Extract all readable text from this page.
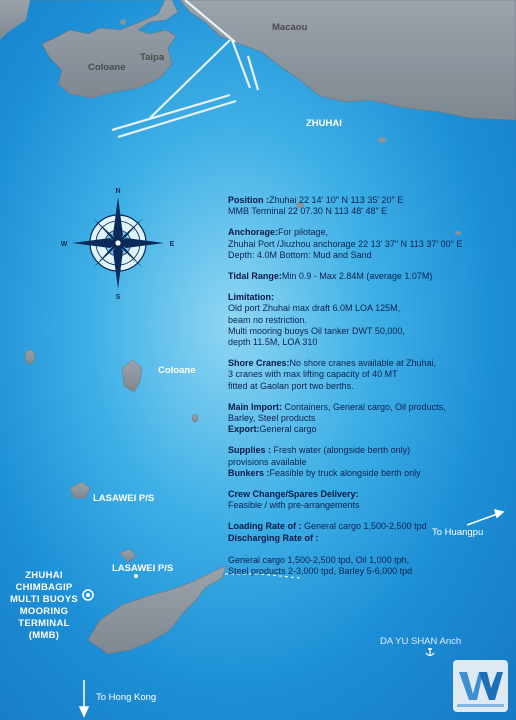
N
S
E
W
Macaou
Taipa
Coloane
ZHUHAI
Coloane
LASAWEI P/S
LASAWEI P/S
To Huangpu
DA YU SHAN Anch
To Hong Kong
ZHUHAI
CHIMBAGIP
MULTI BUOYS
MOORING
TERMINAL
(MMB)
Position :Zhuhai 22 14' 10" N 113 35' 20" E
MMB Terminal 22 07.30 N 113 48' 48" E
Anchorage:For pilotage,
Zhuhai Port /Jiuzhou anchorage 22 13' 37" N 113 37' 00" E
Depth: 4.0M Bottom: Mud and Sand
Tidal Range:Min 0.9 - Max 2.84M (average 1.07M)
Limitation:
Old port Zhuhai max draft 6.0M LOA 125M,
beam no restriction.
Multi mooring buoys Oil tanker DWT 50,000,
depth 11.5M, LOA 310
Shore Cranes:No shore cranes available at Zhuhai,
3 cranes with max lifting capacity of 40 MT
fitted at Gaolan port two berths.
Main Import: Containers, General cargo, Oil products,
Barley, Steel products
Export:General cargo
Supplies : Fresh water (alongside berth only)
provisions available
Bunkers :Feasible by truck alongside berth only
Crew Change/Spares Delivery:
Feasible / with pre-arrangements
Loading Rate of : General cargo 1,500-2,500 tpd
Discharging Rate of :

General cargo 1,500-2,500 tpd, Oil 1,000 tph,
Steel products 2-3,000 tpd, Barley 5-6,000 tpd
